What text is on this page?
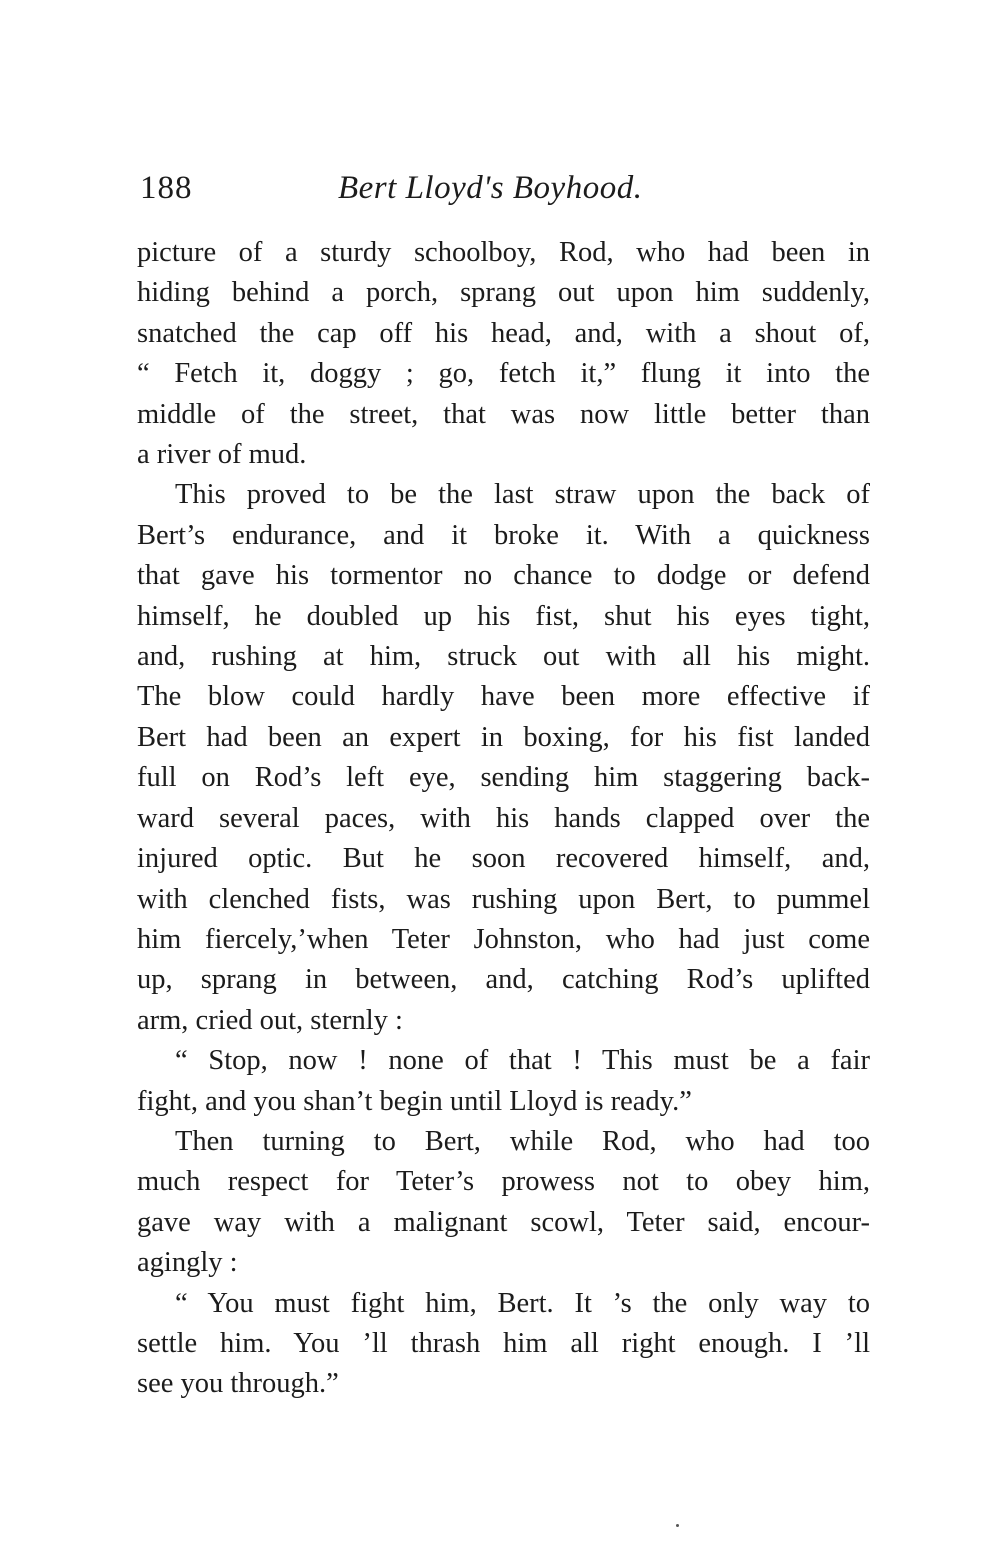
188	Bert Lloyd's Boyhood.

picture of a sturdy schoolboy, Rod, who had been in
hiding behind a porch, sprang out upon him suddenly,
snatched the cap off his head, and, with a shout of,
“ Fetch it, doggy ; go, fetch it,” flung it into the
middle of the street, that was now little better than
a river of mud.

This proved to be the last straw upon the back of
Bert’s endurance, and it broke it. With a quickness
that gave his tormentor no chance to dodge or defend
himself, he doubled up his fist, shut his eyes tight,
and, rushing at him, struck out with all his might.
The blow could hardly have been more effective if
Bert had been an expert in boxing, for his fist landed
full on Rod’s left eye, sending him staggering back-
ward several paces, with his hands clapped over the
injured optic. But he soon recovered himself, and,
with clenched fists, was rushing upon Bert, to pummel
him fiercely,’when Teter Johnston, who had just come
up, sprang in between, and, catching Rod’s uplifted
arm, cried out, sternly :

“ Stop, now ! none of that ! This must be a fair
fight, and you shan’t begin until Lloyd is ready.”

Then turning to Bert, while Rod, who had too
much respect for Teter’s prowess not to obey him,
gave way with a malignant scowl, Teter said, encour-
agingly :

“ You must fight him, Bert. It ’s the only way to
settle him. You ’ll thrash him all right enough. I ’ll
see you through.”
